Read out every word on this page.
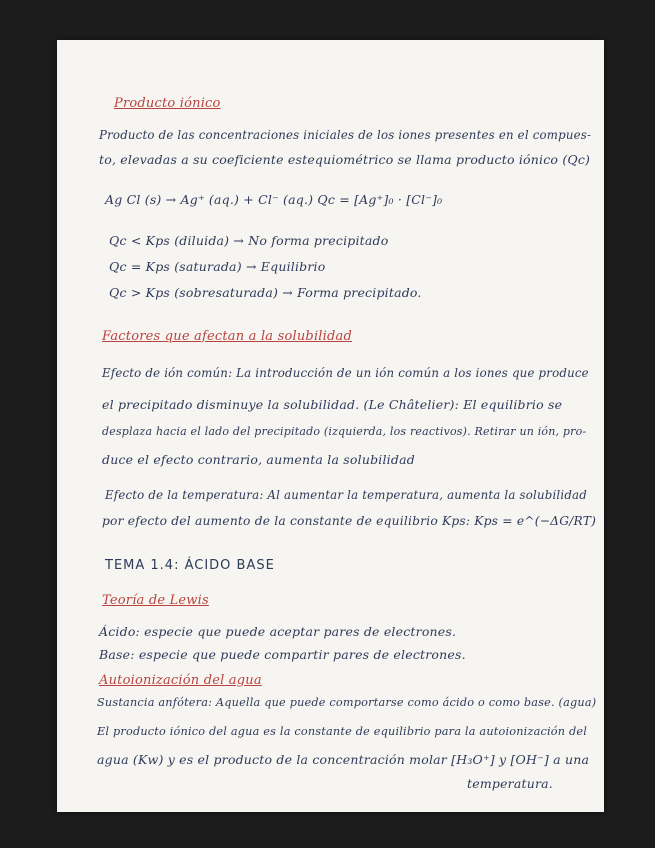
Producto iónico
Producto de las concentraciones iniciales de los iones presentes en el compues-
to, elevadas a su coeficiente estequiométrico se llama producto iónico (Qc)
Ag Cl (s) → Ag⁺ (aq.) + Cl⁻ (aq.) Qc = [Ag⁺]₀ · [Cl⁻]₀
Qc < Kps (diluida) → No forma precipitado
Qc = Kps (saturada) → Equilibrio
Qc > Kps (sobresaturada) → Forma precipitado.
Factores que afectan a la solubilidad
Efecto de ión común: La introducción de un ión común a los iones que produce
el precipitado disminuye la solubilidad. (Le Châtelier): El equilibrio se
desplaza hacia el lado del precipitado (izquierda, los reactivos). Retirar un ión, pro-
duce el efecto contrario, aumenta la solubilidad
Efecto de la temperatura: Al aumentar la temperatura, aumenta la solubilidad
por efecto del aumento de la constante de equilibrio Kps: Kps = e^(−ΔG/RT)
TEMA 1.4: ÁCIDO BASE
Teoría de Lewis
Ácido: especie que puede aceptar pares de electrones.
Base: especie que puede compartir pares de electrones.
Autoionización del agua
Sustancia anfótera: Aquella que puede comportarse como ácido o como base. (agua)
El producto iónico del agua es la constante de equilibrio para la autoionización del
agua (Kw) y es el producto de la concentración molar [H₃O⁺] y [OH⁻] a una
temperatura.
